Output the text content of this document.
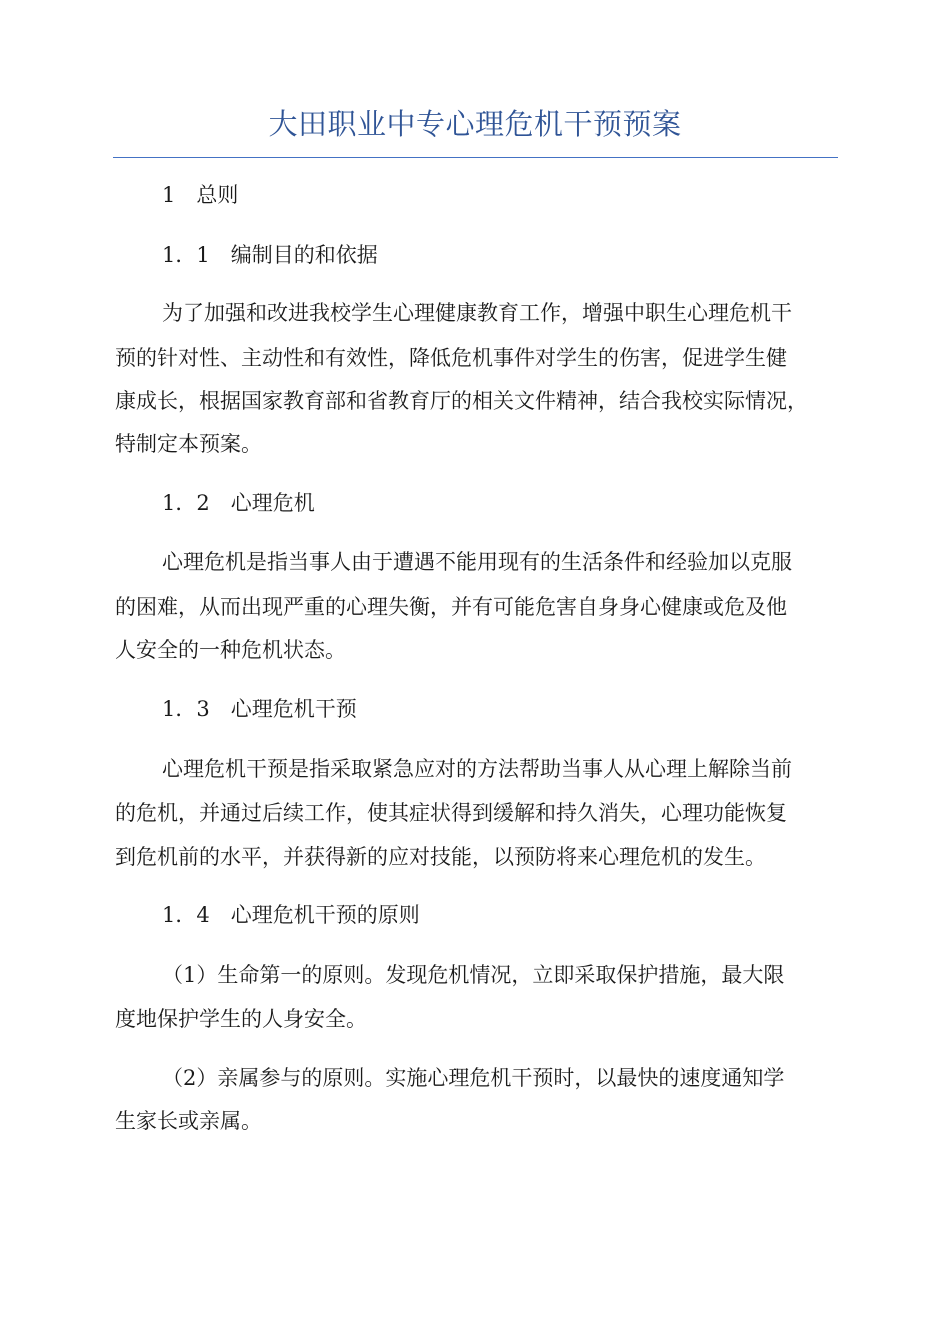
大田职业中专心理危机干预预案
1　总则
1．1　编制目的和依据
为了加强和改进我校学生心理健康教育工作，增强中职生心理危机干
预的针对性、主动性和有效性，降低危机事件对学生的伤害，促进学生健
康成长，根据国家教育部和省教育厅的相关文件精神，结合我校实际情况，
特制定本预案。
1．2　心理危机
心理危机是指当事人由于遭遇不能用现有的生活条件和经验加以克服
的困难，从而出现严重的心理失衡，并有可能危害自身身心健康或危及他
人安全的一种危机状态。
1．3　心理危机干预
心理危机干预是指采取紧急应对的方法帮助当事人从心理上解除当前
的危机，并通过后续工作，使其症状得到缓解和持久消失，心理功能恢复
到危机前的水平，并获得新的应对技能，以预防将来心理危机的发生。
1．4　心理危机干预的原则
（1）生命第一的原则。发现危机情况，立即采取保护措施，最大限
度地保护学生的人身安全。
（2）亲属参与的原则。实施心理危机干预时，以最快的速度通知学
生家长或亲属。
